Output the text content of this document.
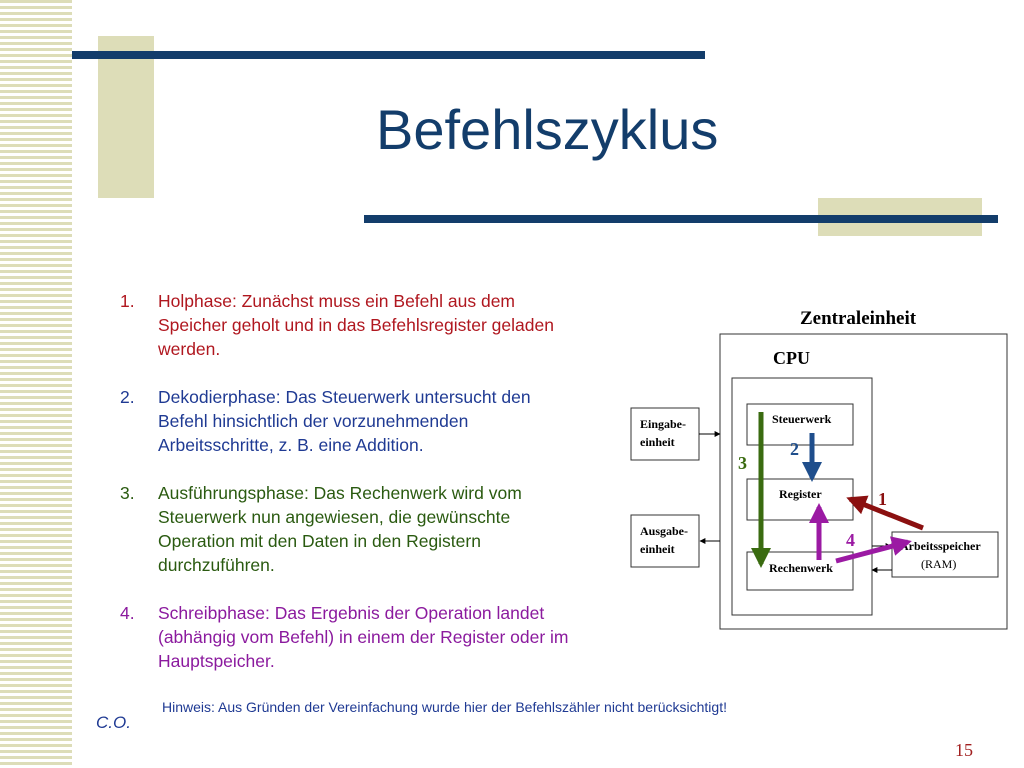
Befehlszyklus
1. Holphase: Zunächst muss ein Befehl aus dem Speicher geholt und in das Befehlsregister geladen werden.
2. Dekodierphase: Das Steuerwerk untersucht den Befehl hinsichtlich der vorzunehmenden Arbeitsschritte, z. B. eine Addition.
3. Ausführungsphase: Das Rechenwerk wird vom Steuerwerk nun angewiesen, die gewünschte Operation mit den Daten in den Registern durchzuführen.
4. Schreibphase: Das Ergebnis der Operation landet (abhängig vom Befehl) in einem der Register oder im Hauptspeicher.
Zentraleinheit
CPU
Steuerwerk
Register
Rechenwerk
Eingabe- einheit
Ausgabe- einheit	Arbeitsspeicher (RAM)
1
2
3
4
Hinweis: Aus Gründen der Vereinfachung wurde hier der Befehlszähler nicht berücksichtigt!
C.O.
15
